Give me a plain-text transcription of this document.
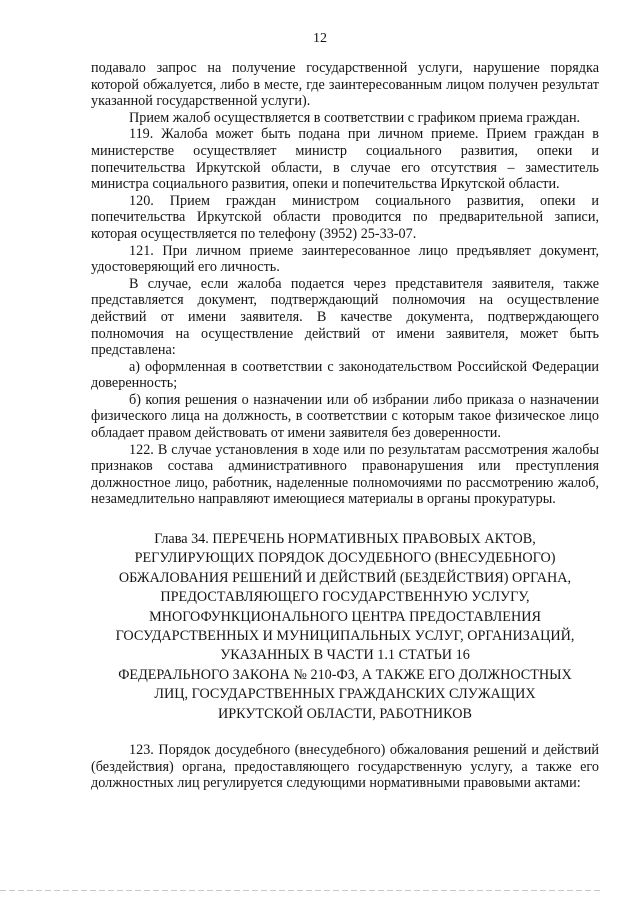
12

подавало запрос на получение государственной услуги, нарушение порядка которой обжалуется, либо в месте, где заинтересованным лицом получен результат указанной государственной услуги).

Прием жалоб осуществляется в соответствии с графиком приема граждан.

119. Жалоба может быть подана при личном приеме. Прием граждан в министерстве осуществляет министр социального развития, опеки и попечительства Иркутской области, в случае его отсутствия – заместитель министра социального развития, опеки и попечительства Иркутской области.

120. Прием граждан министром социального развития, опеки и попечительства Иркутской области проводится по предварительной записи, которая осуществляется по телефону (3952) 25-33-07.

121. При личном приеме заинтересованное лицо предъявляет документ, удостоверяющий его личность.

В случае, если жалоба подается через представителя заявителя, также представляется документ, подтверждающий полномочия на осуществление действий от имени заявителя. В качестве документа, подтверждающего полномочия на осуществление действий от имени заявителя, может быть представлена:

а) оформленная в соответствии с законодательством Российской Федерации доверенность;

б) копия решения о назначении или об избрании либо приказа о назначении физического лица на должность, в соответствии с которым такое физическое лицо обладает правом действовать от имени заявителя без доверенности.

122. В случае установления в ходе или по результатам рассмотрения жалобы признаков состава административного правонарушения или преступления должностное лицо, работник, наделенные полномочиями по рассмотрению жалоб, незамедлительно направляют имеющиеся материалы в органы прокуратуры.

Глава 34. ПЕРЕЧЕНЬ НОРМАТИВНЫХ ПРАВОВЫХ АКТОВ,
РЕГУЛИРУЮЩИХ ПОРЯДОК ДОСУДЕБНОГО (ВНЕСУДЕБНОГО)
ОБЖАЛОВАНИЯ РЕШЕНИЙ И ДЕЙСТВИЙ (БЕЗДЕЙСТВИЯ) ОРГАНА,
ПРЕДОСТАВЛЯЮЩЕГО ГОСУДАРСТВЕННУЮ УСЛУГУ,
МНОГОФУНКЦИОНАЛЬНОГО ЦЕНТРА ПРЕДОСТАВЛЕНИЯ
ГОСУДАРСТВЕННЫХ И МУНИЦИПАЛЬНЫХ УСЛУГ, ОРГАНИЗАЦИЙ,
УКАЗАННЫХ В ЧАСТИ 1.1 СТАТЬИ 16
ФЕДЕРАЛЬНОГО ЗАКОНА № 210-ФЗ, А ТАКЖЕ ЕГО ДОЛЖНОСТНЫХ
ЛИЦ, ГОСУДАРСТВЕННЫХ ГРАЖДАНСКИХ СЛУЖАЩИХ
ИРКУТСКОЙ ОБЛАСТИ, РАБОТНИКОВ

123. Порядок досудебного (внесудебного) обжалования решений и действий (бездействия) органа, предоставляющего государственную услугу, а также его должностных лиц регулируется следующими нормативными правовыми актами:
